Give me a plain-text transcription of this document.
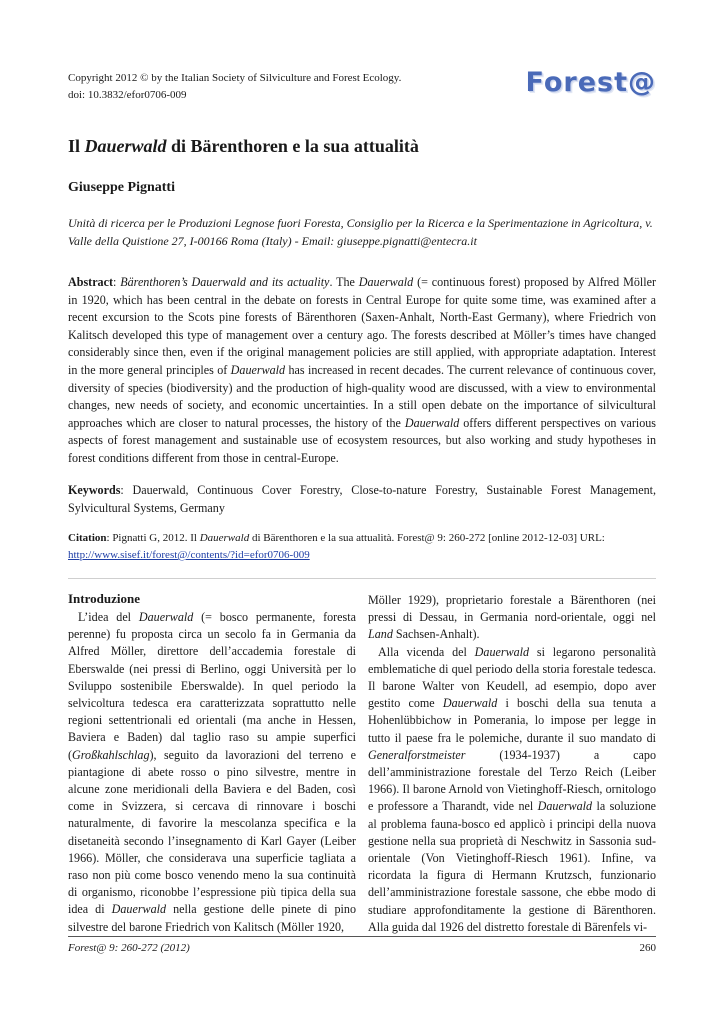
Copyright 2012 © by the Italian Society of Silviculture and Forest Ecology.
doi: 10.3832/efor0706-009	Forest@
Il Dauerwald di Bärenthoren e la sua attualità
Giuseppe Pignatti
Unità di ricerca per le Produzioni Legnose fuori Foresta, Consiglio per la Ricerca e la Sperimentazione in Agricoltura, v. Valle della Quistione 27, I-00166 Roma (Italy) - Email: giuseppe.pignatti@entecra.it
Abstract: Bärenthoren’s Dauerwald and its actuality. The Dauerwald (= continuous forest) proposed by Alfred Möller in 1920, which has been central in the debate on forests in Central Europe for quite some time, was examined after a recent excursion to the Scots pine forests of Bärenthoren (Saxen-Anhalt, North-East Germany), where Friedrich von Kalitsch developed this type of management over a century ago. The forests described at Möller’s times have changed considerably since then, even if the original management policies are still applied, with appropriate adaptation. Interest in the more general principles of Dauerwald has increased in recent decades. The current relevance of continuous cover, diversity of species (biodiversity) and the production of high-quality wood are discussed, with a view to environmental changes, new needs of society, and economic uncertainties. In a still open debate on the importance of silvicultural approaches which are closer to natural processes, the history of the Dauerwald offers different perspectives on various aspects of forest management and sustainable use of ecosystem resources, but also working and study hypotheses in forest conditions different from those in central-Europe.
Keywords: Dauerwald, Continuous Cover Forestry, Close-to-nature Forestry, Sustainable Forest Management, Sylvicultural Systems, Germany
Citation: Pignatti G, 2012. Il Dauerwald di Bärenthoren e la sua attualità. Forest@ 9: 260-272 [online 2012-12-03] URL:
http://www.sisef.it/forest@/contents/?id=efor0706-009
Introduzione

L’idea del Dauerwald (= bosco permanente, foresta perenne) fu proposta circa un secolo fa in Germania da Alfred Möller, direttore dell’accademia forestale di Eberswalde (nei pressi di Berlino, oggi Università per lo Sviluppo sostenibile Eberswalde). In quel periodo la selvicoltura tedesca era caratterizzata soprattutto nelle regioni settentrionali ed orientali (ma anche in Hessen, Baviera e Baden) dal taglio raso su ampie superfici (Großkahlschlag), seguito da lavorazioni del terreno e piantagione di abete rosso o pino silvestre, mentre in alcune zone meridionali della Baviera e del Baden, così come in Svizzera, si cercava di rinnovare i boschi naturalmente, di favorire la mescolanza specifica e la disetaneità secondo l’insegnamento di Karl Gayer (Leiber 1966). Möller, che considerava una superficie tagliata a raso non più come bosco venendo meno la sua continuità di organismo, riconobbe l’espressione più tipica della sua idea di Dauerwald nella gestione delle pinete di pino silvestre del barone Friedrich von Kalitsch (Möller 1920,

Möller 1929), proprietario forestale a Bärenthoren (nei pressi di Dessau, in Germania nord-orientale, oggi nel Land Sachsen-Anhalt).

Alla vicenda del Dauerwald si legarono personalità emblematiche di quel periodo della storia forestale tedesca. Il barone Walter von Keudell, ad esempio, dopo aver gestito come Dauerwald i boschi della sua tenuta a Hohenlübbichow in Pomerania, lo impose per legge in tutto il paese fra le polemiche, durante il suo mandato di Generalforstmeister (1934-1937) a capo dell’amministrazione forestale del Terzo Reich (Leiber 1966). Il barone Arnold von Vietinghoff-Riesch, ornitologo e professore a Tharandt, vide nel Dauerwald la soluzione al problema fauna-bosco ed applicò i principi della nuova gestione nella sua proprietà di Neschwitz in Sassonia sud-orientale (Von Vietinghoff-Riesch 1961). Infine, va ricordata la figura di Hermann Krutzsch, funzionario dell’amministrazione forestale sassone, che ebbe modo di studiare approfonditamente la gestione di Bärenthoren. Alla guida dal 1926 del distretto forestale di Bärenfels vi-

Forest@ 9: 260-272 (2012)	260
